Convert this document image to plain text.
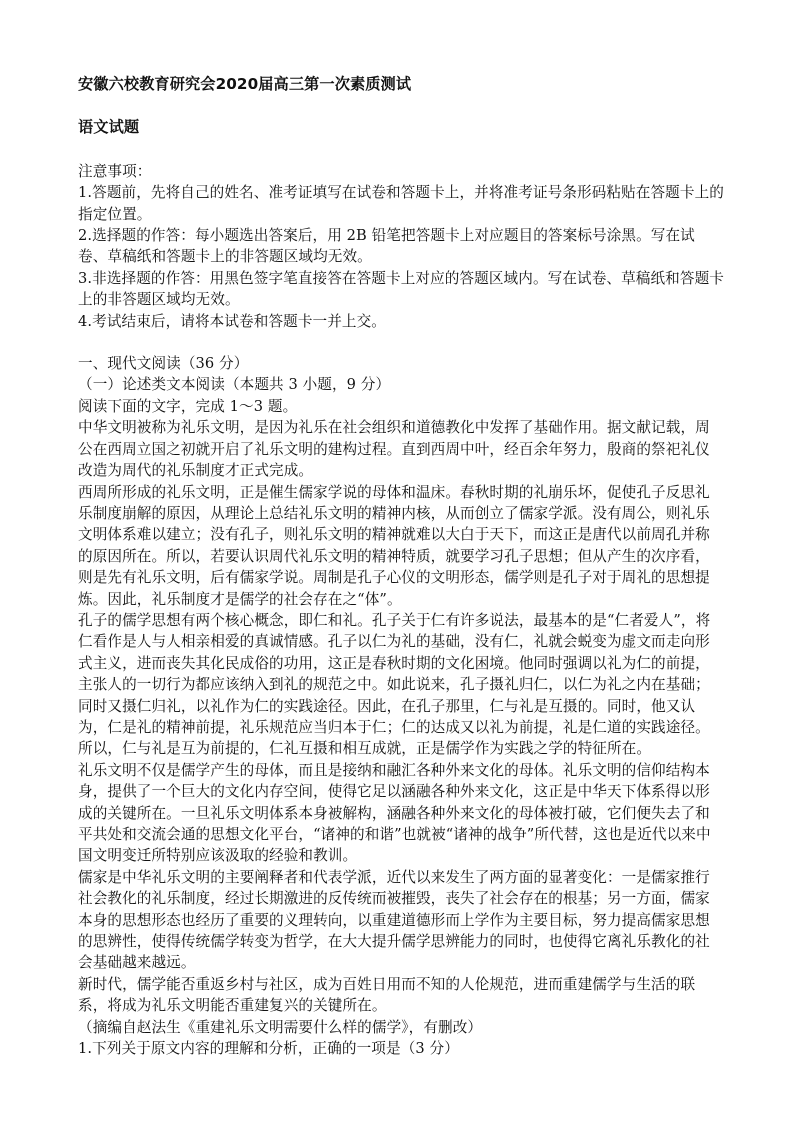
安徽六校教育研究会2020届高三第一次素质测试
语文试题

注意事项：

1.答题前，先将自己的姓名、准考证填写在试卷和答题卡上，并将准考证号条形码粘贴在答题卡上的指定位置。

2.选择题的作答：每小题选出答案后，用 2B 铅笔把答题卡上对应题目的答案标号涂黑。写在试卷、草稿纸和答题卡上的非答题区域均无效。

3.非选择题的作答：用黑色签字笔直接答在答题卡上对应的答题区域内。写在试卷、草稿纸和答题卡上的非答题区域均无效。

4.考试结束后，请将本试卷和答题卡一并上交。

一、现代文阅读（36 分）

（一）论述类文本阅读（本题共 3 小题，9 分）

阅读下面的文字，完成 1～3 题。

中华文明被称为礼乐文明，是因为礼乐在社会组织和道德教化中发挥了基础作用。据文献记载，周公在西周立国之初就开启了礼乐文明的建构过程。直到西周中叶，经百余年努力，殷商的祭祀礼仪改造为周代的礼乐制度才正式完成。

西周所形成的礼乐文明，正是催生儒家学说的母体和温床。春秋时期的礼崩乐坏，促使孔子反思礼乐制度崩解的原因，从理论上总结礼乐文明的精神内核，从而创立了儒家学派。没有周公，则礼乐文明体系难以建立；没有孔子，则礼乐文明的精神就难以大白于天下，而这正是唐代以前周孔并称的原因所在。所以，若要认识周代礼乐文明的精神特质，就要学习孔子思想；但从产生的次序看，则是先有礼乐文明，后有儒家学说。周制是孔子心仪的文明形态，儒学则是孔子对于周礼的思想提炼。因此，礼乐制度才是儒学的社会存在之“体”。

孔子的儒学思想有两个核心概念，即仁和礼。孔子关于仁有许多说法，最基本的是“仁者爱人”，将仁看作是人与人相亲相爱的真诚情感。孔子以仁为礼的基础，没有仁，礼就会蜕变为虚文而走向形式主义，进而丧失其化民成俗的功用，这正是春秋时期的文化困境。他同时强调以礼为仁的前提，主张人的一切行为都应该纳入到礼的规范之中。如此说来，孔子摄礼归仁，以仁为礼之内在基础；同时又摄仁归礼，以礼作为仁的实践途径。因此，在孔子那里，仁与礼是互摄的。同时，他又认为，仁是礼的精神前提，礼乐规范应当归本于仁；仁的达成又以礼为前提，礼是仁道的实践途径。所以，仁与礼是互为前提的，仁礼互摄和相互成就，正是儒学作为实践之学的特征所在。

礼乐文明不仅是儒学产生的母体，而且是接纳和融汇各种外来文化的母体。礼乐文明的信仰结构本身，提供了一个巨大的文化内存空间，使得它足以涵融各种外来文化，这正是中华天下体系得以形成的关键所在。一旦礼乐文明体系本身被解构，涵融各种外来文化的母体被打破，它们便失去了和平共处和交流会通的思想文化平台，“诸神的和谐”也就被“诸神的战争”所代替，这也是近代以来中国文明变迁所特别应该汲取的经验和教训。

儒家是中华礼乐文明的主要阐释者和代表学派，近代以来发生了两方面的显著变化：一是儒家推行社会教化的礼乐制度，经过长期激进的反传统而被摧毁，丧失了社会存在的根基；另一方面，儒家本身的思想形态也经历了重要的义理转向，以重建道德形而上学作为主要目标，努力提高儒家思想的思辨性，使得传统儒学转变为哲学，在大大提升儒学思辨能力的同时，也使得它离礼乐教化的社会基础越来越远。

新时代，儒学能否重返乡村与社区，成为百姓日用而不知的人伦规范，进而重建儒学与生活的联系，将成为礼乐文明能否重建复兴的关键所在。

（摘编自赵法生《重建礼乐文明需要什么样的儒学》，有删改）

1.下列关于原文内容的理解和分析，正确的一项是（3 分）
